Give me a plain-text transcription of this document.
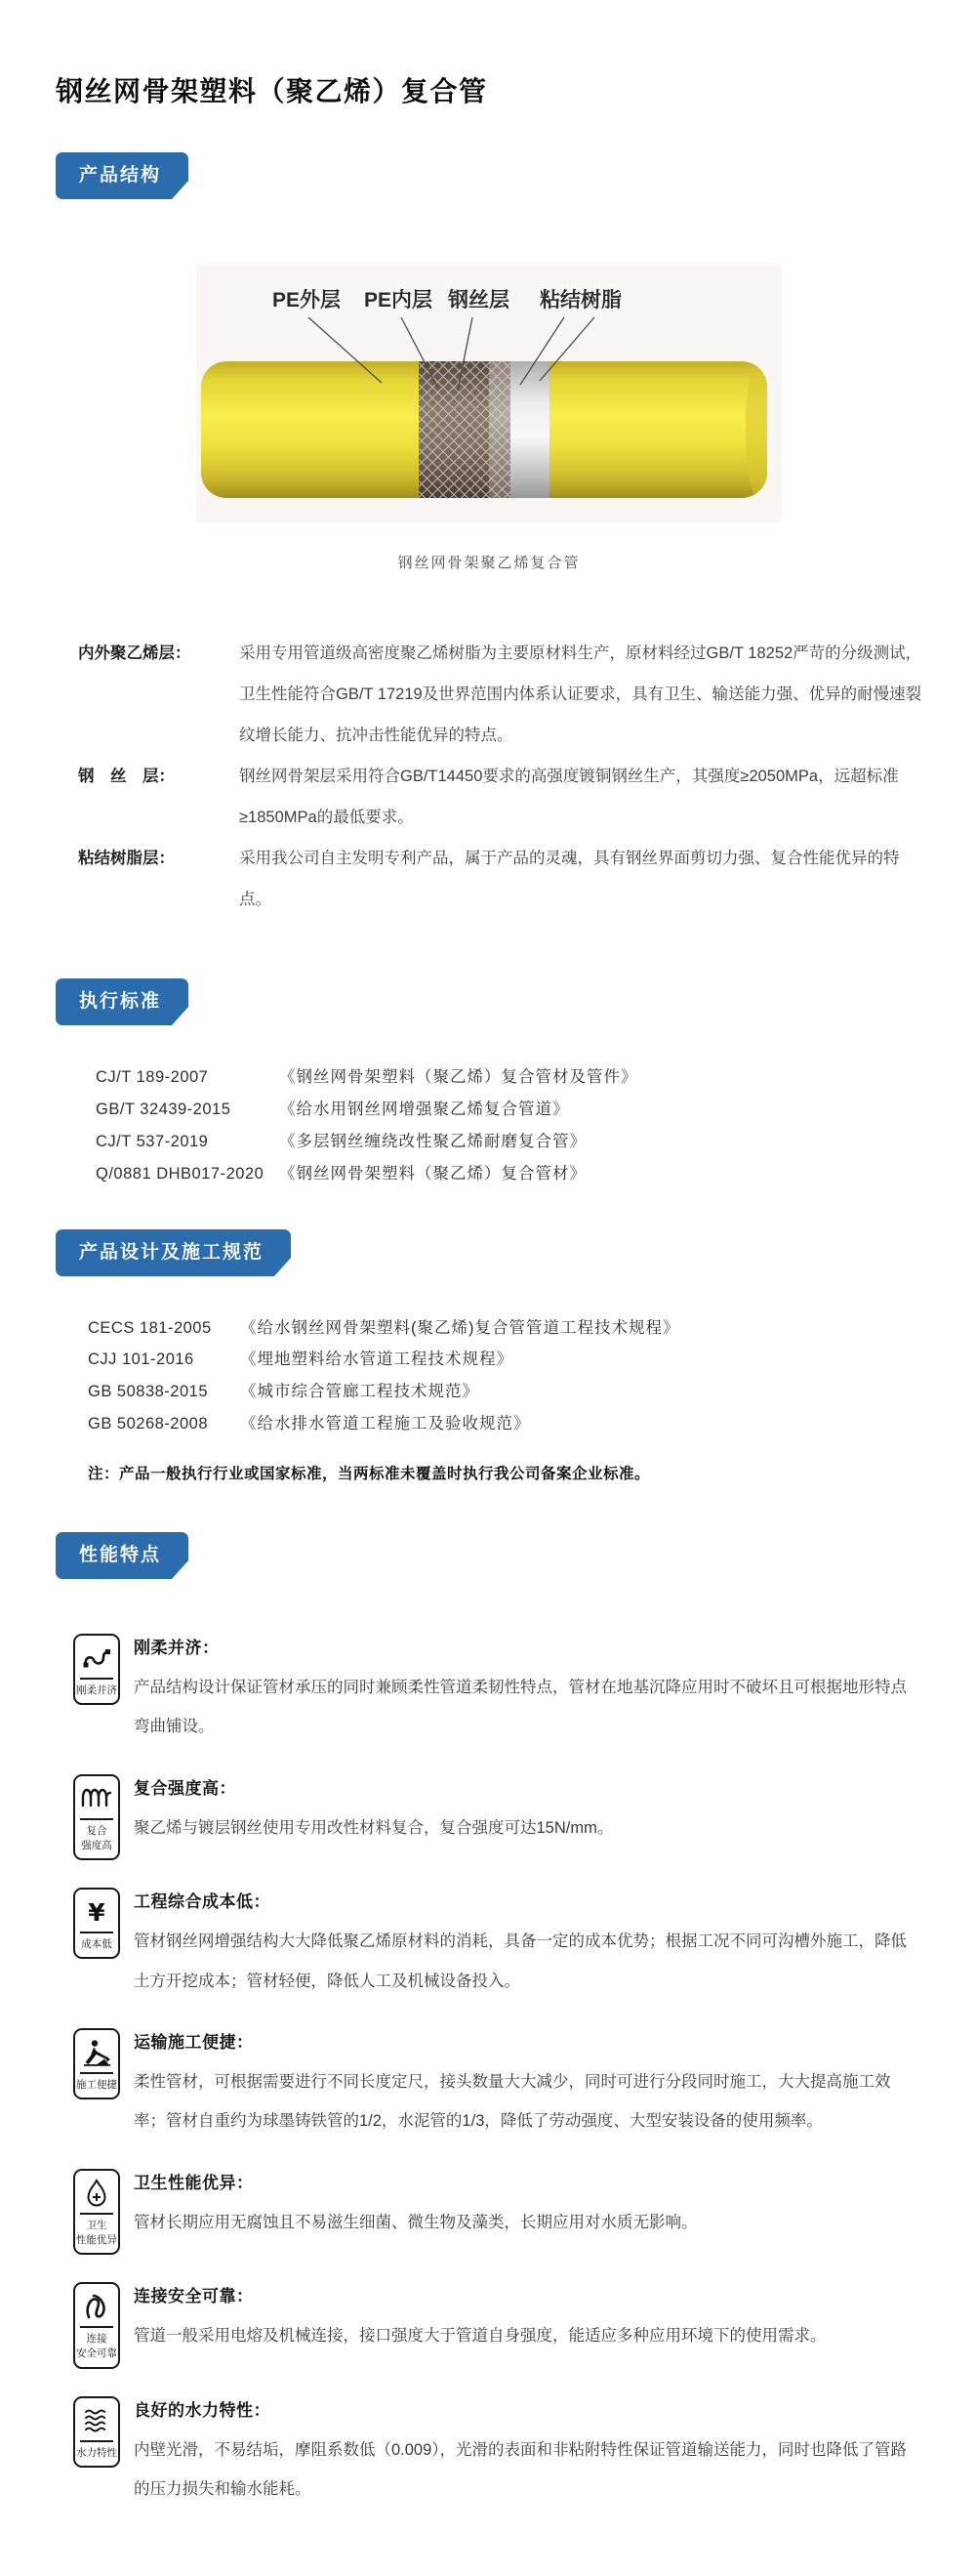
钢丝网骨架塑料（聚乙烯）复合管
产品结构
PE外层 PE内层 钢丝层 粘结树脂
钢丝网骨架聚乙烯复合管
内外聚乙烯层：	采用专用管道级高密度聚乙烯树脂为主要原材料生产，原材料经过GB/T 18252严苛的分级测试，卫生性能符合GB/T 17219及世界范围内体系认证要求，具有卫生、输送能力强、优异的耐慢速裂纹增长能力、抗冲击性能优异的特点。
钢　丝　层：	钢丝网骨架层采用符合GB/T14450要求的高强度镀铜钢丝生产，其强度≥2050MPa，远超标准≥1850MPa的最低要求。
粘结树脂层：	采用我公司自主发明专利产品，属于产品的灵魂，具有钢丝界面剪切力强、复合性能优异的特点。
执行标准
CJ/T 189-2007	《钢丝网骨架塑料（聚乙烯）复合管材及管件》
GB/T 32439-2015	《给水用钢丝网增强聚乙烯复合管道》
CJ/T 537-2019	《多层钢丝缠绕改性聚乙烯耐磨复合管》
Q/0881 DHB017-2020 《钢丝网骨架塑料（聚乙烯）复合管材》
产品设计及施工规范
CECS 181-2005	《给水钢丝网骨架塑料(聚乙烯)复合管管道工程技术规程》
CJJ 101-2016	《埋地塑料给水管道工程技术规程》
GB 50838-2015	《城市综合管廊工程技术规范》
GB 50268-2008	《给水排水管道工程施工及验收规范》
注：产品一般执行行业或国家标准，当两标准未覆盖时执行我公司备案企业标准。
性能特点
刚柔并济

刚柔并济：

产品结构设计保证管材承压的同时兼顾柔性管道柔韧性特点，管材在地基沉降应用时不破坏且可根据地形特点弯曲铺设。

复合
强度高

复合强度高：

聚乙烯与镀层钢丝使用专用改性材料复合，复合强度可达15N/mm。

¥
成本低

工程综合成本低：

管材钢丝网增强结构大大降低聚乙烯原材料的消耗，具备一定的成本优势；根据工况不同可沟槽外施工，降低土方开挖成本；管材轻便，降低人工及机械设备投入。

施工便捷

运输施工便捷：

柔性管材，可根据需要进行不同长度定尺，接头数量大大减少，同时可进行分段同时施工，大大提高施工效率；管材自重约为球墨铸铁管的1/2，水泥管的1/3，降低了劳动强度、大型安装设备的使用频率。

卫生
性能优异

卫生性能优异：

管材长期应用无腐蚀且不易滋生细菌、微生物及藻类，长期应用对水质无影响。

连接
安全可靠

连接安全可靠：

管道一般采用电熔及机械连接，接口强度大于管道自身强度，能适应多种应用环境下的使用需求。

水力特性

良好的水力特性：

内壁光滑，不易结垢，摩阻系数低（0.009），光滑的表面和非粘附特性保证管道输送能力，同时也降低了管路的压力损失和输水能耗。
